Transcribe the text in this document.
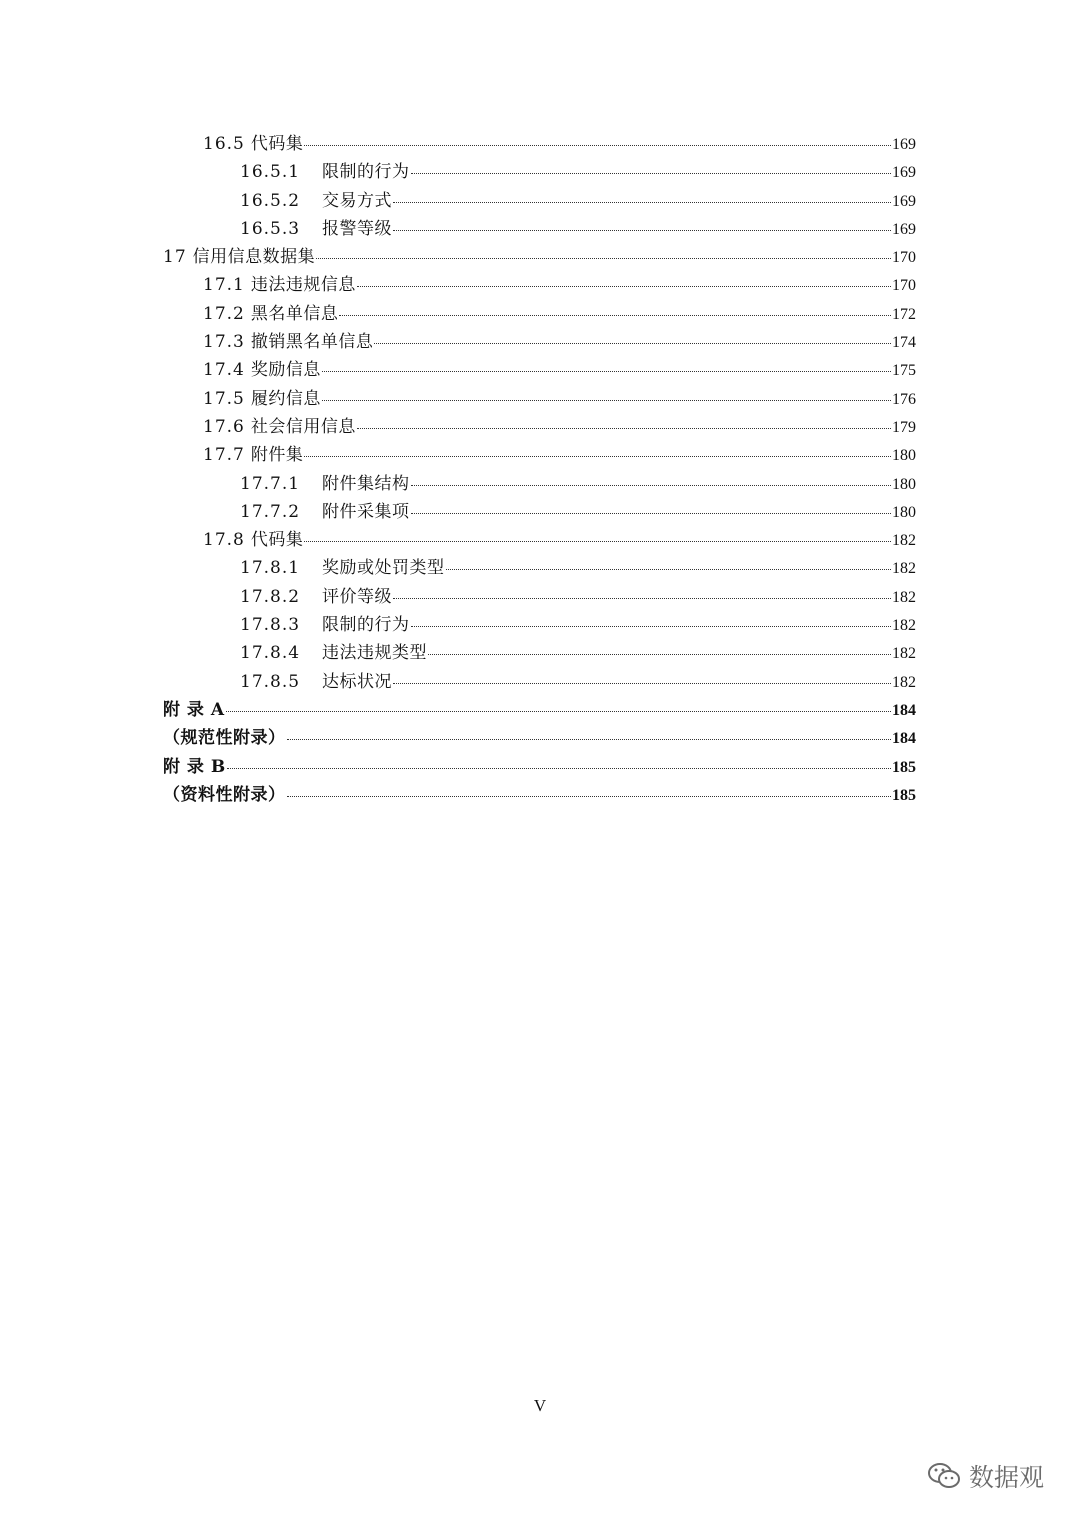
16.5 代码集	169
16.5.1	限制的行为	169
16.5.2	交易方式	169
16.5.3	报警等级	169
17 信用信息数据集	170
17.1 违法违规信息	170
17.2 黑名单信息	172
17.3 撤销黑名单信息	174
17.4 奖励信息	175
17.5 履约信息	176
17.6 社会信用信息	179
17.7 附件集	180
17.7.1	附件集结构	180
17.7.2	附件采集项	180
17.8 代码集	182
17.8.1	奖励或处罚类型	182
17.8.2	评价等级	182
17.8.3	限制的行为	182
17.8.4	违法违规类型	182
17.8.5	达标状况	182
附 录 A	184
（规范性附录）	184
附 录 B	185
（资料性附录）	185
V
数据观
